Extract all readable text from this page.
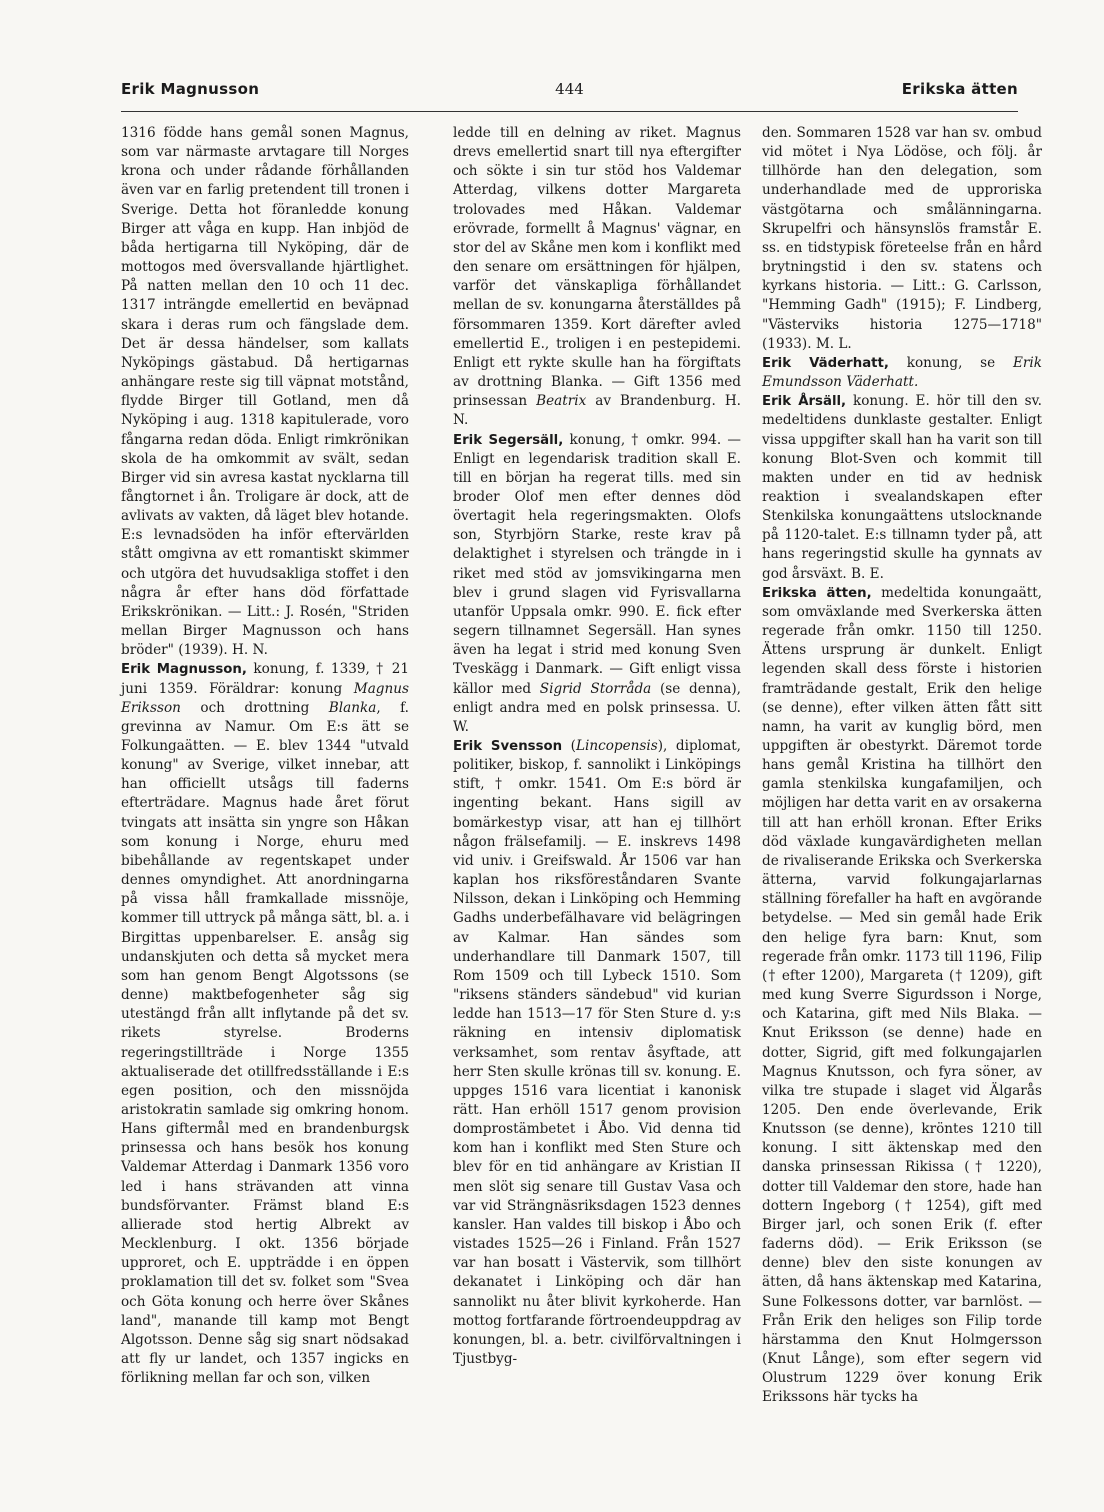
Erik Magnusson	444	Erikska ätten

1316 födde hans gemål sonen Magnus, som var närmaste arvtagare till Norges krona och under rådande förhållanden även var en farlig pretendent till tronen i Sverige. Detta hot föranledde konung Birger att våga en kupp. Han inbjöd de båda hertigarna till Nyköping, där de mottogos med översvallande hjärtlighet. På natten mellan den 10 och 11 dec. 1317 inträngde emellertid en beväpnad skara i deras rum och fängslade dem. Det är dessa händelser, som kallats Nyköpings gästabud. Då hertigarnas anhängare reste sig till väpnat motstånd, flydde Birger till Gotland, men då Nyköping i aug. 1318 kapitulerade, voro fångarna redan döda. Enligt rimkrönikan skola de ha omkommit av svält, sedan Birger vid sin avresa kastat nycklarna till fångtornet i ån. Troligare är dock, att de avlivats av vakten, då läget blev hotande. E:s levnadsöden ha inför eftervärlden stått omgivna av ett romantiskt skimmer och utgöra det huvudsakliga stoffet i den några år efter hans död författade Erikskrönikan. — Litt.: J. Rosén, "Striden mellan Birger Magnusson och hans bröder" (1939). H. N.

Erik Magnusson, konung, f. 1339, † 21 juni 1359. Föräldrar: konung Magnus Eriksson och drottning Blanka, f. grevinna av Namur. Om E:s ätt se Folkungaätten. — E. blev 1344 "utvald konung" av Sverige, vilket innebar, att han officiellt utsågs till faderns efterträdare. Magnus hade året förut tvingats att insätta sin yngre son Håkan som konung i Norge, ehuru med bibehållande av regentskapet under dennes omyndighet. Att anordningarna på vissa håll framkallade missnöje, kommer till uttryck på många sätt, bl. a. i Birgittas uppenbarelser. E. ansåg sig undanskjuten och detta så mycket mera som han genom Bengt Algotssons (se denne) maktbefogenheter såg sig utestängd från allt inflytande på det sv. rikets styrelse. Broderns regeringstillträde i Norge 1355 aktualiserade det otillfredsställande i E:s egen position, och den missnöjda aristokratin samlade sig omkring honom. Hans giftermål med en brandenburgsk prinsessa och hans besök hos konung Valdemar Atterdag i Danmark 1356 voro led i hans strävanden att vinna bundsförvanter. Främst bland E:s allierade stod hertig Albrekt av Mecklenburg. I okt. 1356 började upproret, och E. uppträdde i en öppen proklamation till det sv. folket som "Svea och Göta konung och herre över Skånes land", manande till kamp mot Bengt Algotsson. Denne såg sig snart nödsakad att fly ur landet, och 1357 ingicks en förlikning mellan far och son, vilken

ledde till en delning av riket. Magnus drevs emellertid snart till nya eftergifter och sökte i sin tur stöd hos Valdemar Atterdag, vilkens dotter Margareta trolovades med Håkan. Valdemar erövrade, formellt å Magnus' vägnar, en stor del av Skåne men kom i konflikt med den senare om ersättningen för hjälpen, varför det vänskapliga förhållandet mellan de sv. konungarna återställdes på försommaren 1359. Kort därefter avled emellertid E., troligen i en pestepidemi. Enligt ett rykte skulle han ha förgiftats av drottning Blanka. — Gift 1356 med prinsessan Beatrix av Brandenburg. H. N.

Erik Segersäll, konung, † omkr. 994. — Enligt en legendarisk tradition skall E. till en början ha regerat tills. med sin broder Olof men efter dennes död övertagit hela regeringsmakten. Olofs son, Styrbjörn Starke, reste krav på delaktighet i styrelsen och trängde in i riket med stöd av jomsvikingarna men blev i grund slagen vid Fyrisvallarna utanför Uppsala omkr. 990. E. fick efter segern tillnamnet Segersäll. Han synes även ha legat i strid med konung Sven Tveskägg i Danmark. — Gift enligt vissa källor med Sigrid Storråda (se denna), enligt andra med en polsk prinsessa. U. W.

Erik Svensson (Lincopensis), diplomat, politiker, biskop, f. sannolikt i Linköpings stift, † omkr. 1541. Om E:s börd är ingenting bekant. Hans sigill av bomärkestyp visar, att han ej tillhört någon frälsefamilj. — E. inskrevs 1498 vid univ. i Greifswald. År 1506 var han kaplan hos riksföreståndaren Svante Nilsson, dekan i Linköping och Hemming Gadhs underbefälhavare vid belägringen av Kalmar. Han sändes som underhandlare till Danmark 1507, till Rom 1509 och till Lybeck 1510. Som "riksens ständers sändebud" vid kurian ledde han 1513—17 för Sten Sture d. y:s räkning en intensiv diplomatisk verksamhet, som rentav åsyftade, att herr Sten skulle krönas till sv. konung. E. uppges 1516 vara licentiat i kanonisk rätt. Han erhöll 1517 genom provision domprostämbetet i Åbo. Vid denna tid kom han i konflikt med Sten Sture och blev för en tid anhängare av Kristian II men slöt sig senare till Gustav Vasa och var vid Strängnäsriksdagen 1523 dennes kansler. Han valdes till biskop i Åbo och vistades 1525—26 i Finland. Från 1527 var han bosatt i Västervik, som tillhört dekanatet i Linköping och där han sannolikt nu åter blivit kyrkoherde. Han mottog fortfarande förtroendeuppdrag av konungen, bl. a. betr. civilförvaltningen i Tjustbyg-

den. Sommaren 1528 var han sv. ombud vid mötet i Nya Lödöse, och följ. år tillhörde han den delegation, som underhandlade med de upproriska västgötarna och smålänningarna. Skrupelfri och hänsynslös framstår E. ss. en tidstypisk företeelse från en hård brytningstid i den sv. statens och kyrkans historia. — Litt.: G. Carlsson, "Hemming Gadh" (1915); F. Lindberg, "Västerviks historia 1275—1718" (1933). M. L.

Erik Väderhatt, konung, se Erik Emundsson Väderhatt.

Erik Årsäll, konung. E. hör till den sv. medeltidens dunklaste gestalter. Enligt vissa uppgifter skall han ha varit son till konung Blot-Sven och kommit till makten under en tid av hednisk reaktion i svealandskapen efter Stenkilska konungaättens utslocknande på 1120-talet. E:s tillnamn tyder på, att hans regeringstid skulle ha gynnats av god årsväxt. B. E.

Erikska ätten, medeltida konungaätt, som omväxlande med Sverkerska ätten regerade från omkr. 1150 till 1250. Ättens ursprung är dunkelt. Enligt legenden skall dess förste i historien framträdande gestalt, Erik den helige (se denne), efter vilken ätten fått sitt namn, ha varit av kunglig börd, men uppgiften är obestyrkt. Däremot torde hans gemål Kristina ha tillhört den gamla stenkilska kungafamiljen, och möjligen har detta varit en av orsakerna till att han erhöll kronan. Efter Eriks död växlade kungavärdigheten mellan de rivaliserande Erikska och Sverkerska ätterna, varvid folkungajarlarnas ställning förefaller ha haft en avgörande betydelse. — Med sin gemål hade Erik den helige fyra barn: Knut, som regerade från omkr. 1173 till 1196, Filip († efter 1200), Margareta († 1209), gift med kung Sverre Sigurdsson i Norge, och Katarina, gift med Nils Blaka. — Knut Eriksson (se denne) hade en dotter, Sigrid, gift med folkungajarlen Magnus Knutsson, och fyra söner, av vilka tre stupade i slaget vid Älgarås 1205. Den ende överlevande, Erik Knutsson (se denne), kröntes 1210 till konung. I sitt äktenskap med den danska prinsessan Rikissa († 1220), dotter till Valdemar den store, hade han dottern Ingeborg († 1254), gift med Birger jarl, och sonen Erik (f. efter faderns död). — Erik Eriksson (se denne) blev den siste konungen av ätten, då hans äktenskap med Katarina, Sune Folkessons dotter, var barnlöst. — Från Erik den heliges son Filip torde härstamma den Knut Holmgersson (Knut Långe), som efter segern vid Olustrum 1229 över konung Erik Erikssons här tycks ha
